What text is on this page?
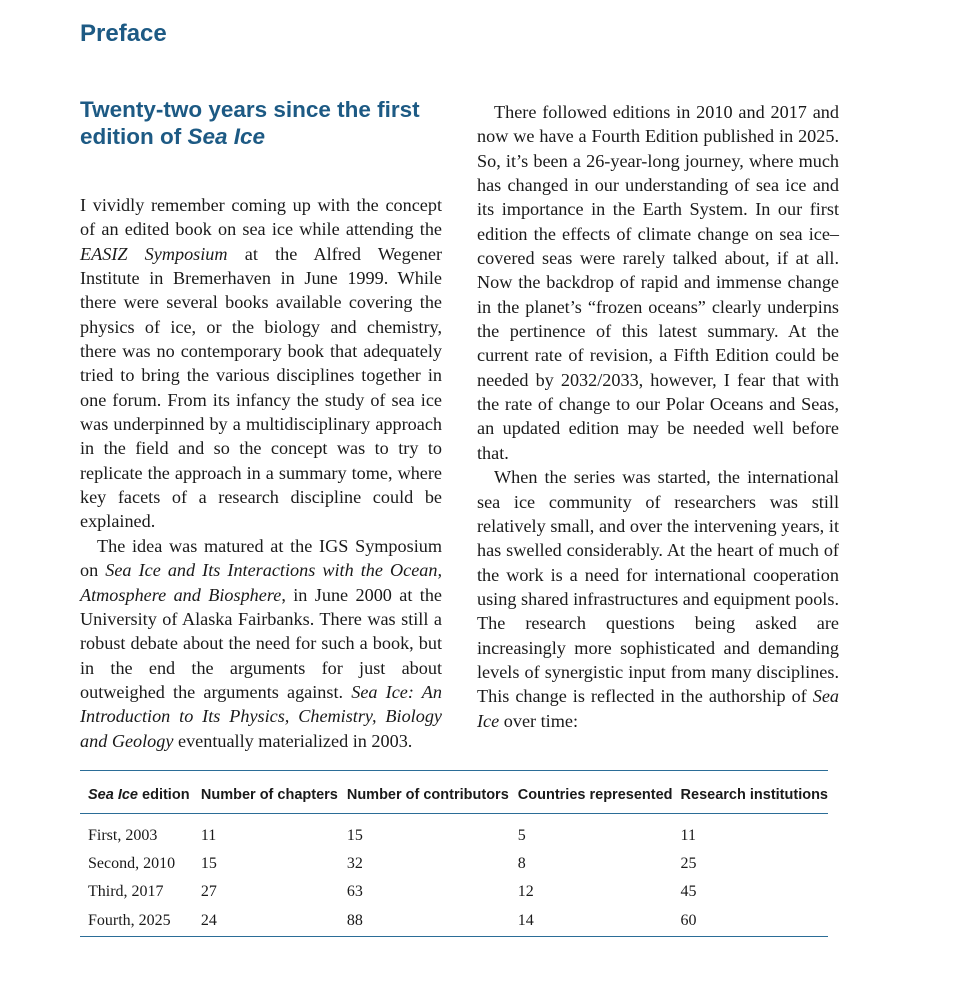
Preface
Twenty-two years since the first
edition of Sea Ice

I vividly remember coming up with the concept of an edited book on sea ice while attending the EASIZ Symposium at the Alfred Wegener Institute in Bremerhaven in June 1999. While there were several books available covering the physics of ice, or the biology and chemistry, there was no contemporary book that adequately tried to bring the various disciplines together in one forum. From its infancy the study of sea ice was underpinned by a multidisciplinary approach in the field and so the concept was to try to replicate the approach in a summary tome, where key facets of a research discipline could be explained.

The idea was matured at the IGS Symposium on Sea Ice and Its Interactions with the Ocean, Atmosphere and Biosphere, in June 2000 at the University of Alaska Fairbanks. There was still a robust debate about the need for such a book, but in the end the arguments for just about outweighed the arguments against. Sea Ice: An Introduction to Its Physics, Chemistry, Biology and Geology eventually materialized in 2003.

There followed editions in 2010 and 2017 and now we have a Fourth Edition published in 2025. So, it’s been a 26-year-long journey, where much has changed in our understanding of sea ice and its importance in the Earth System. In our first edition the effects of climate change on sea ice–covered seas were rarely talked about, if at all. Now the backdrop of rapid and immense change in the planet’s “frozen oceans” clearly underpins the pertinence of this latest summary. At the current rate of revision, a Fifth Edition could be needed by 2032/2033, however, I fear that with the rate of change to our Polar Oceans and Seas, an updated edition may be needed well before that.

When the series was started, the international sea ice community of researchers was still relatively small, and over the intervening years, it has swelled considerably. At the heart of much of the work is a need for international cooperation using shared infrastructures and equipment pools. The research questions being asked are increasingly more sophisticated and demanding levels of synergistic input from many disciplines. This change is reflected in the authorship of Sea Ice over time:

Sea Ice edition	Number of chapters	Number of contributors	Countries represented	Research institutions
First, 2003	11	15	5	11
Second, 2010	15	32	8	25
Third, 2017	27	63	12	45
Fourth, 2025	24	88	14	60
